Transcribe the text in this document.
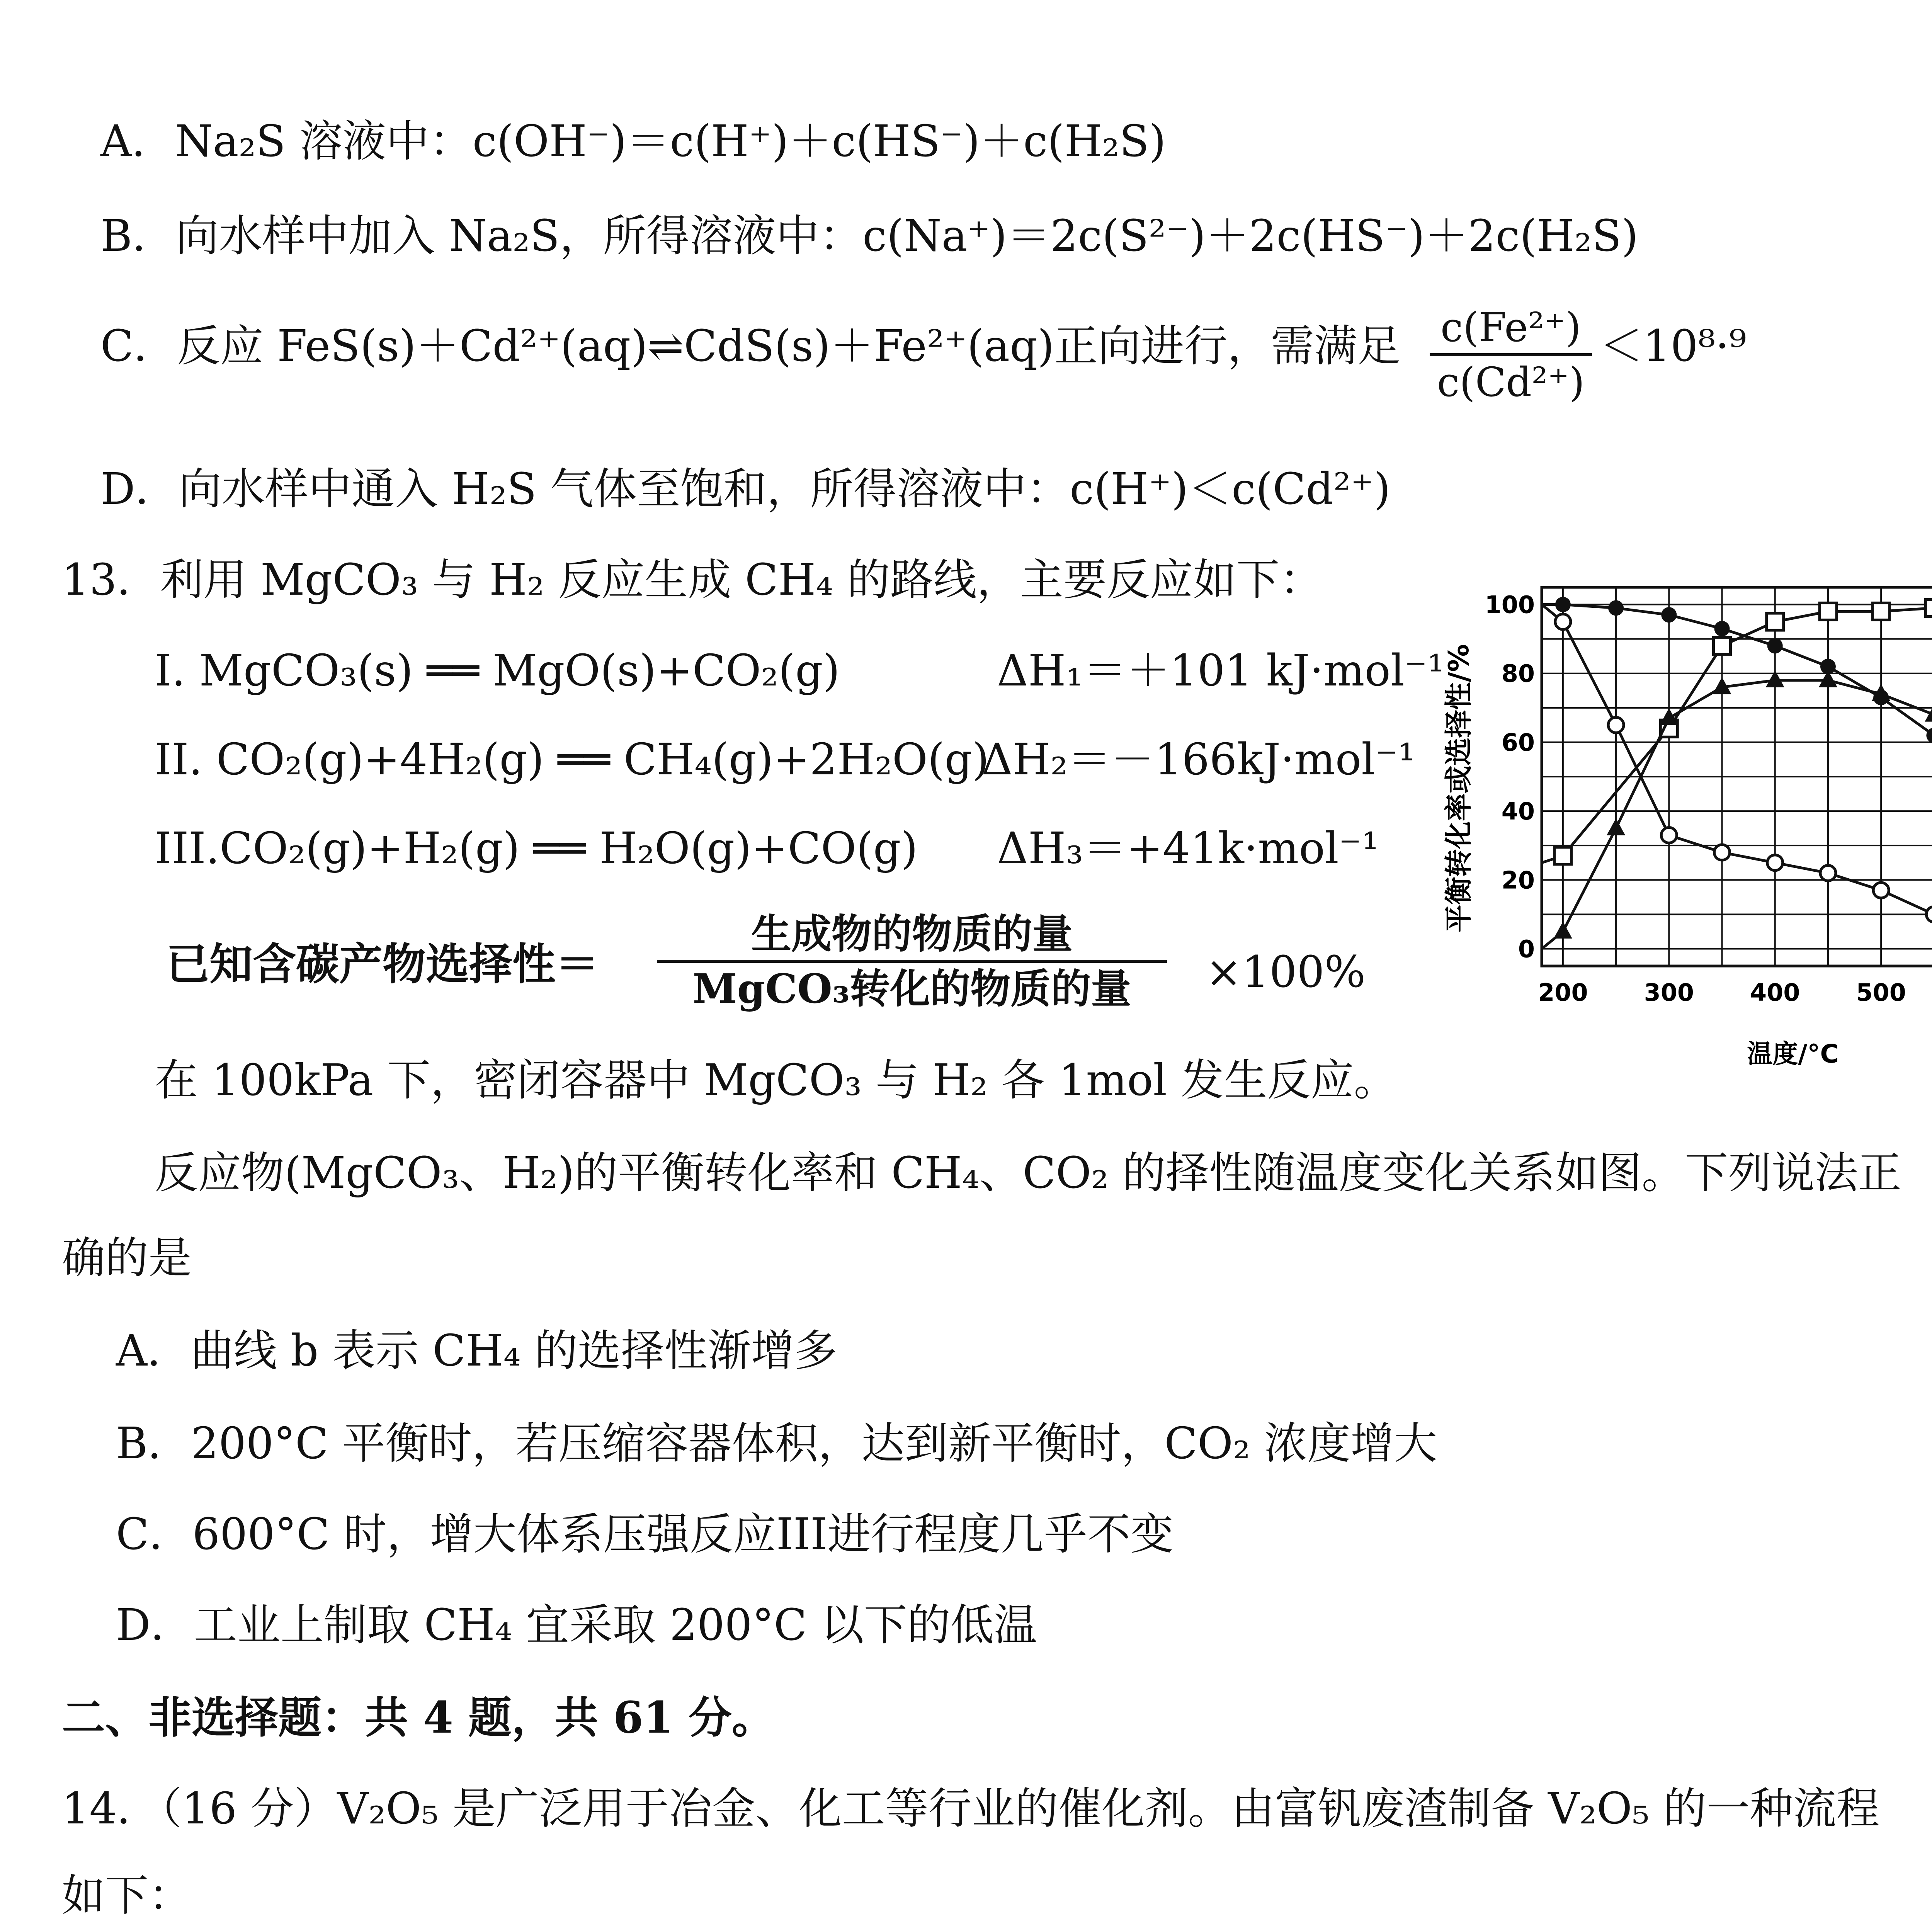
A．Na₂S 溶液中：c(OH⁻)＝c(H⁺)＋c(HS⁻)＋c(H₂S)
B．向水样中加入 Na₂S，所得溶液中：c(Na⁺)＝2c(S²⁻)＋2c(HS⁻)＋2c(H₂S)
C．反应 FeS(s)＋Cd²⁺(aq)⇌CdS(s)＋Fe²⁺(aq)正向进行，需满足 c(Fe²⁺)
c(Cd²⁺)
＜10⁸·⁹
D．向水样中通入 H₂S 气体至饱和，所得溶液中：c(H⁺)＜c(Cd²⁺)
13．利用 MgCO₃ 与 H₂ 反应生成 CH₄ 的路线，主要反应如下：
I. MgCO₃(s) ══ MgO(s)+CO₂(g)	ΔH₁＝＋101 kJ·mol⁻¹
II. CO₂(g)+4H₂(g) ══ CH₄(g)+2H₂O(g)
ΔH₂＝－166kJ·mol⁻¹
III.CO₂(g)+H₂(g) ══ H₂O(g)+CO(g) ΔH₃＝+41k·mol⁻¹
已知含碳产物选择性＝
生成物的物质的量
MgCO₃转化的物质的量	×100%
在 100kPa 下，密闭容器中 MgCO₃ 与 H₂ 各 1mol 发生反应。
反应物(MgCO₃、H₂)的平衡转化率和 CH₄、CO₂ 的择性随温度变化关系如图。下列说法正
确的是
A．曲线 b 表示 CH₄ 的选择性渐增多
B．200°C 平衡时，若压缩容器体积，达到新平衡时，CO₂ 浓度增大
C．600°C 时，增大体系压强反应III进行程度几乎不变
D．工业上制取 CH₄ 宜采取 200°C 以下的低温
200 300 400 500
0
20
40
60
80
100
平衡转化率或选择性/%
温度/°C
二、非选择题：共 4 题，共 61 分。
14．（16 分）V₂O₅ 是广泛用于冶金、化工等行业的催化剂。由富钒废渣制备 V₂O₅ 的一种流程
如下：
